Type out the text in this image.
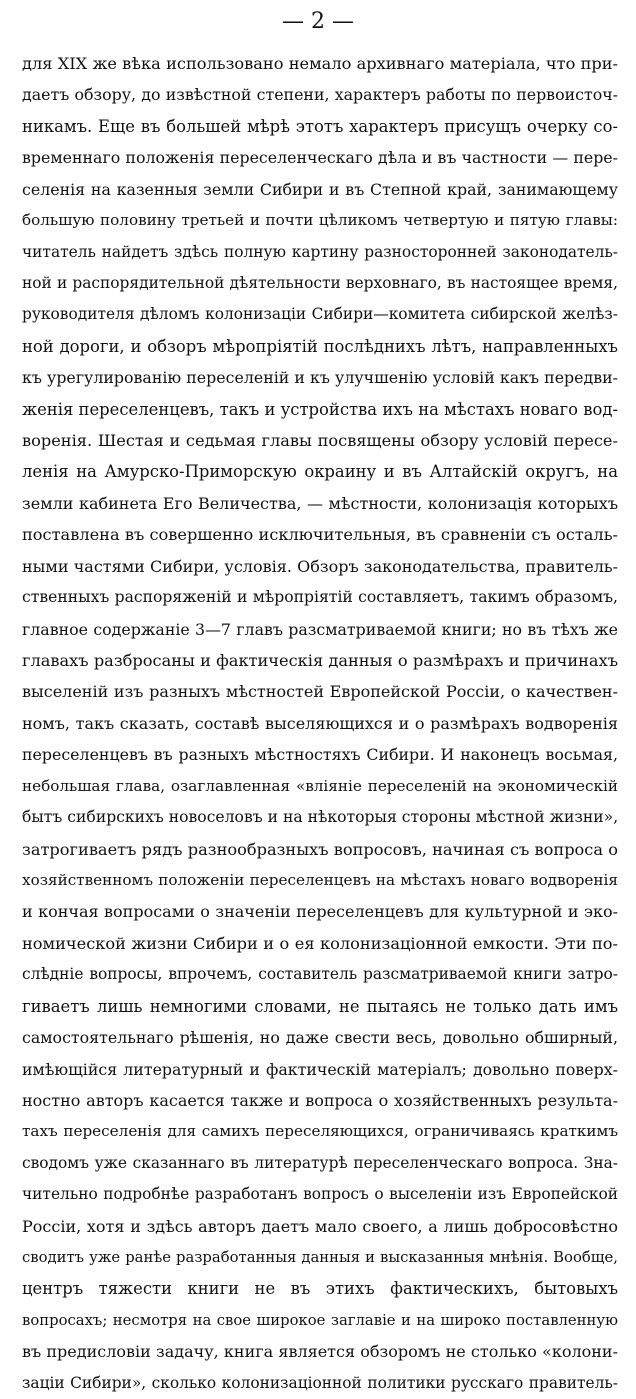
— 2 —
для XIX же вѣка использовано немало архивнаго матеріала, что при-
даетъ обзору, до извѣстной степени, характеръ работы по первоисточ-
никамъ. Еще въ большей мѣрѣ этотъ характеръ присущъ очерку со-
временнаго положенія переселенческаго дѣла и въ частности — пере-
селенія на казенныя земли Сибири и въ Степной край, занимающему
большую половину третьей и почти цѣликомъ четвертую и пятую главы:
читатель найдетъ здѣсь полную картину разносторонней законодатель-
ной и распорядительной дѣятельности верховнаго, въ настоящее время,
руководителя дѣломъ колонизаціи Сибири—комитета сибирской желѣз-
ной дороги, и обзоръ мѣропріятій послѣднихъ лѣтъ, направленныхъ
къ урегулированію переселеній и къ улучшенію условій какъ передви-
женія переселенцевъ, такъ и устройства ихъ на мѣстахъ новаго вод-
воренія. Шестая и седьмая главы посвящены обзору условій пересе-
ленія на Амурско-Приморскую окраину и въ Алтайскій округъ, на
земли кабинета Его Величества, — мѣстности, колонизація которыхъ
поставлена въ совершенно исключительныя, въ сравненіи съ осталь-
ными частями Сибири, условія. Обзоръ законодательства, правитель-
ственныхъ распоряженій и мѣропріятій составляетъ, такимъ образомъ,
главное содержаніе 3—7 главъ разсматриваемой книги; но въ тѣхъ же
главахъ разбросаны и фактическія данныя о размѣрахъ и причинахъ
выселеній изъ разныхъ мѣстностей Европейской Россіи, о качествен-
номъ, такъ сказать, составѣ выселяющихся и о размѣрахъ водворенія
переселенцевъ въ разныхъ мѣстностяхъ Сибири. И наконецъ восьмая,
небольшая глава, озаглавленная «вліяніе переселеній на экономическій
бытъ сибирскихъ новоселовъ и на нѣкоторыя стороны мѣстной жизни»,
затрогиваетъ рядъ разнообразныхъ вопросовъ, начиная съ вопроса о
хозяйственномъ положеніи переселенцевъ на мѣстахъ новаго водворенія
и кончая вопросами о значеніи переселенцевъ для культурной и эко-
номической жизни Сибири и о ея колонизаціонной емкости. Эти по-
слѣдніе вопросы, впрочемъ, составитель разсматриваемой книги затро-
гиваетъ лишь немногими словами, не пытаясь не только дать имъ
самостоятельнаго рѣшенія, но даже свести весь, довольно обширный,
имѣющійся литературный и фактическій матеріалъ; довольно поверх-
ностно авторъ касается также и вопроса о хозяйственныхъ результа-
тахъ переселенія для самихъ переселяющихся, ограничиваясь краткимъ
сводомъ уже сказаннаго въ литературѣ переселенческаго вопроса. Зна-
чительно подробнѣе разработанъ вопросъ о выселеніи изъ Европейской
Россіи, хотя и здѣсь авторъ даетъ мало своего, а лишь добросовѣстно
сводитъ уже ранѣе разработанныя данныя и высказанныя мнѣнія. Вообще,
центръ тяжести книги не въ этихъ фактическихъ, бытовыхъ
вопросахъ; несмотря на свое широкое заглавіе и на широко поставленную
въ предисловіи задачу, книга является обзоромъ не столько «колони-
заціи Сибири», сколько колонизаціонной политики русскаго правитель-
